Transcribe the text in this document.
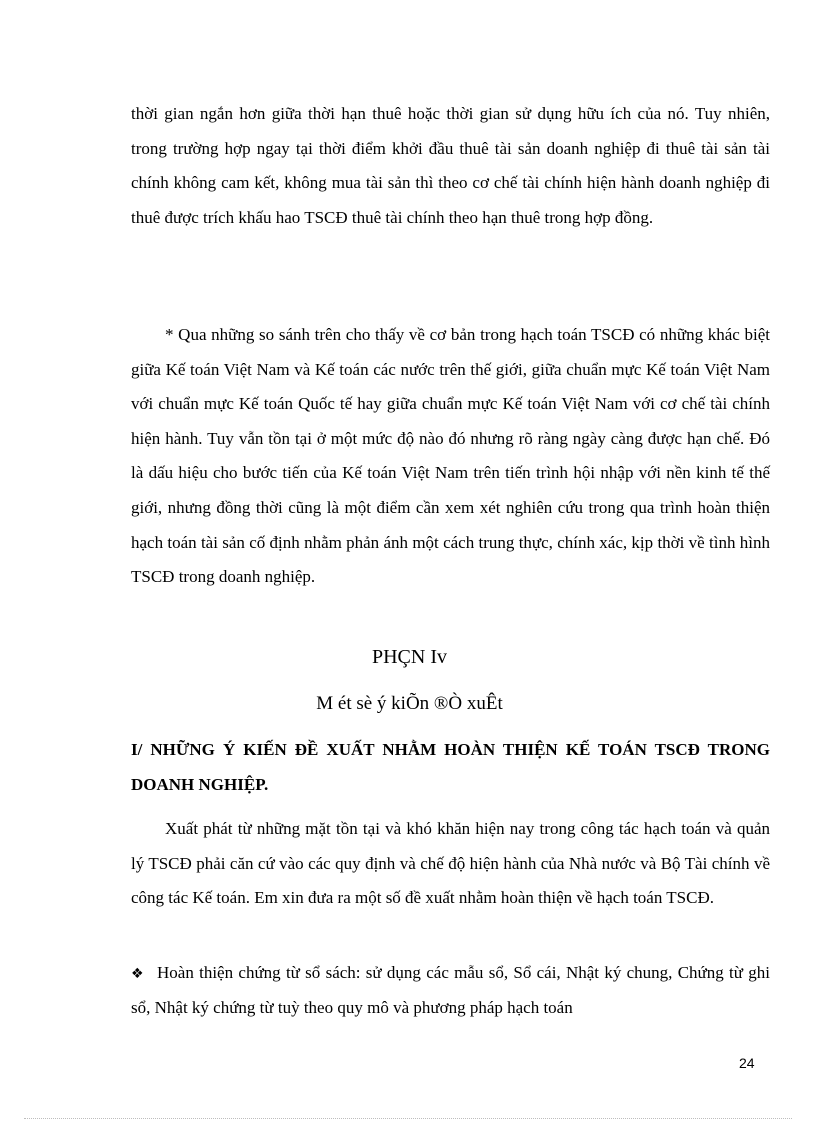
thời gian ngắn hơn giữa thời hạn thuê hoặc thời gian sử dụng hữu ích của nó. Tuy nhiên, trong trường hợp ngay tại thời điểm khởi đầu thuê tài sản doanh nghiệp đi thuê tài sản tài chính không cam kết, không mua tài sản thì theo cơ chế tài chính hiện hành doanh nghiệp đi thuê được trích khấu hao TSCĐ thuê tài chính theo hạn thuê trong hợp đồng.

* Qua những so sánh trên cho thấy về cơ bản trong hạch toán TSCĐ có những khác biệt giữa Kế toán Việt Nam và Kế toán các nước trên thế giới, giữa chuẩn mực Kế toán Việt Nam với chuẩn mực Kế toán Quốc tế hay giữa chuẩn mực Kế toán Việt Nam với cơ chế tài chính hiện hành. Tuy vẫn tồn tại ở một mức độ nào đó nhưng rõ ràng ngày càng được hạn chế. Đó là dấu hiệu cho bước tiến của Kế toán Việt Nam trên tiến trình hội nhập với nền kinh tế thế giới, nhưng đồng thời cũng là một điểm cần xem xét nghiên cứu trong qua trình hoàn thiện hạch toán tài sản cố định nhằm phản ánh một cách trung thực, chính xác, kịp thời về tình hình TSCĐ trong doanh nghiệp.

PHÇN Iv
M ét sè ý kiÕn ®Ò xuÊt

I/ NHỮNG Ý KIẾN ĐỀ XUẤT NHẰM HOÀN THIỆN KẾ TOÁN TSCĐ TRONG DOANH NGHIỆP.

Xuất phát từ những mặt tồn tại và khó khăn hiện nay trong công tác hạch toán và quản lý TSCĐ phải căn cứ vào các quy định và chế độ hiện hành của Nhà nước và Bộ Tài chính về công tác Kế toán. Em xin đưa ra một số đề xuất nhằm hoàn thiện về hạch toán TSCĐ.

❖ Hoàn thiện chứng từ sổ sách: sử dụng các mẫu sổ, Sổ cái, Nhật ký chung, Chứng từ ghi sổ, Nhật ký chứng từ tuỳ theo quy mô và phương pháp hạch toán

24
